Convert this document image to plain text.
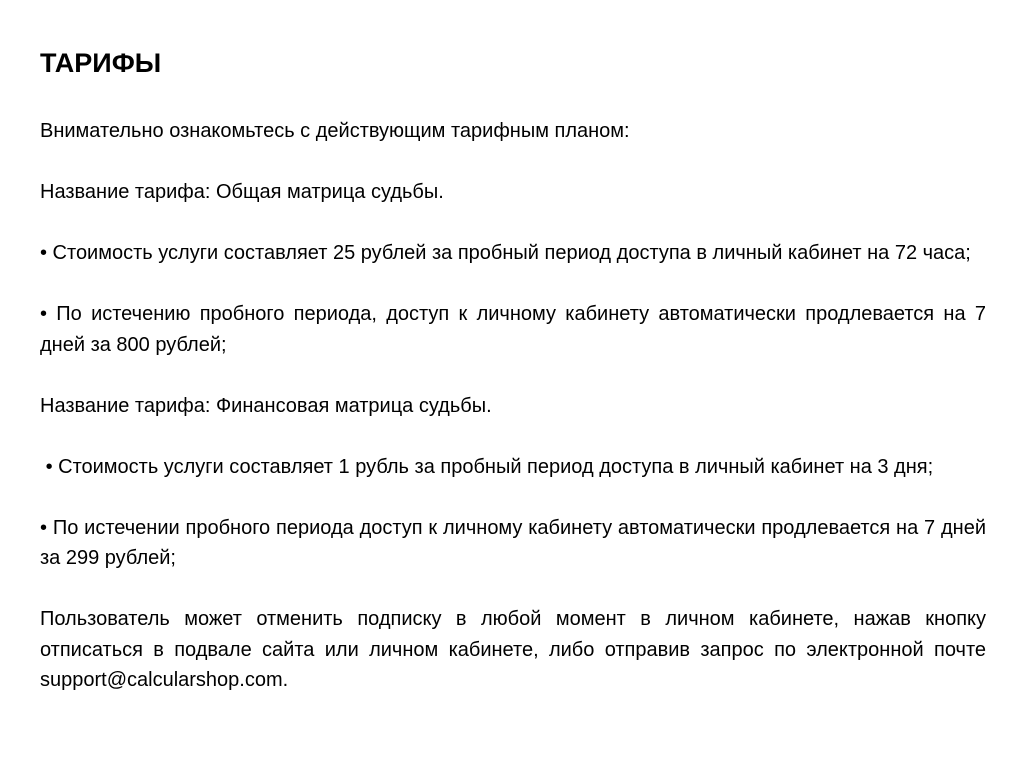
ТАРИФЫ

Внимательно ознакомьтесь с действующим тарифным планом:

Название тарифа: Общая матрица судьбы.

• Стоимость услуги составляет 25 рублей за пробный период доступа в личный кабинет на 72 часа;

• По истечению пробного периода, доступ к личному кабинету автоматически продлевается на 7 дней за 800 рублей;

Название тарифа: Финансовая матрица судьбы.

• Стоимость услуги составляет 1 рубль за пробный период доступа в личный кабинет на 3 дня;

• По истечении пробного периода доступ к личному кабинету автоматически продлевается на 7 дней за 299 рублей;

Пользователь может отменить подписку в любой момент в личном кабинете, нажав кнопку отписаться в подвале сайта или личном кабинете, либо отправив запрос по электронной почте support@calcularshop.com.
